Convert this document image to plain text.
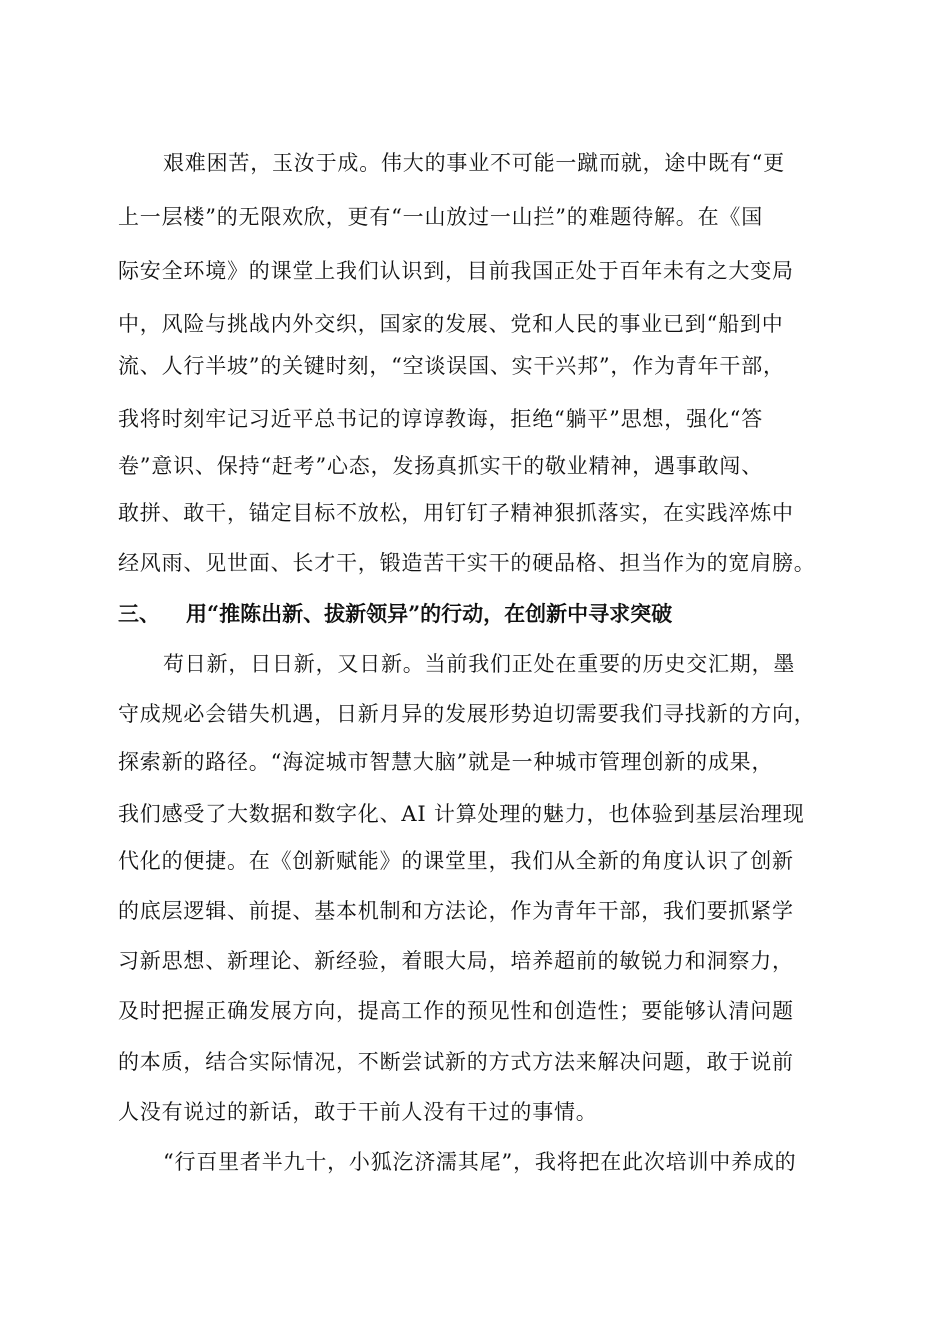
艰难困苦，玉汝于成。伟大的事业不可能一蹴而就，途中既有“更
上一层楼”的无限欢欣，更有“一山放过一山拦”的难题待解。在《国
际安全环境》的课堂上我们认识到，目前我国正处于百年未有之大变局
中，风险与挑战内外交织，国家的发展、党和人民的事业已到“船到中
流、人行半坡”的关键时刻，“空谈误国、实干兴邦”，作为青年干部，
我将时刻牢记习近平总书记的谆谆教诲，拒绝“躺平”思想，强化“答
卷”意识、保持“赶考”心态，发扬真抓实干的敬业精神，遇事敢闯、
敢拼、敢干，锚定目标不放松，用钉钉子精神狠抓落实，在实践淬炼中
经风雨、见世面、长才干，锻造苦干实干的硬品格、担当作为的宽肩膀。
三、 用“推陈出新、拔新领异”的行动，在创新中寻求突破
苟日新，日日新，又日新。当前我们正处在重要的历史交汇期，墨
守成规必会错失机遇，日新月异的发展形势迫切需要我们寻找新的方向，
探索新的路径。“海淀城市智慧大脑”就是一种城市管理创新的成果，
我们感受了大数据和数字化、AI 计算处理的魅力，也体验到基层治理现
代化的便捷。在《创新赋能》的课堂里，我们从全新的角度认识了创新
的底层逻辑、前提、基本机制和方法论，作为青年干部，我们要抓紧学
习新思想、新理论、新经验，着眼大局，培养超前的敏锐力和洞察力，
及时把握正确发展方向，提高工作的预见性和创造性；要能够认清问题
的本质，结合实际情况，不断尝试新的方式方法来解决问题，敢于说前
人没有说过的新话，敢于干前人没有干过的事情。
“行百里者半九十，小狐汔济濡其尾”，我将把在此次培训中养成的
